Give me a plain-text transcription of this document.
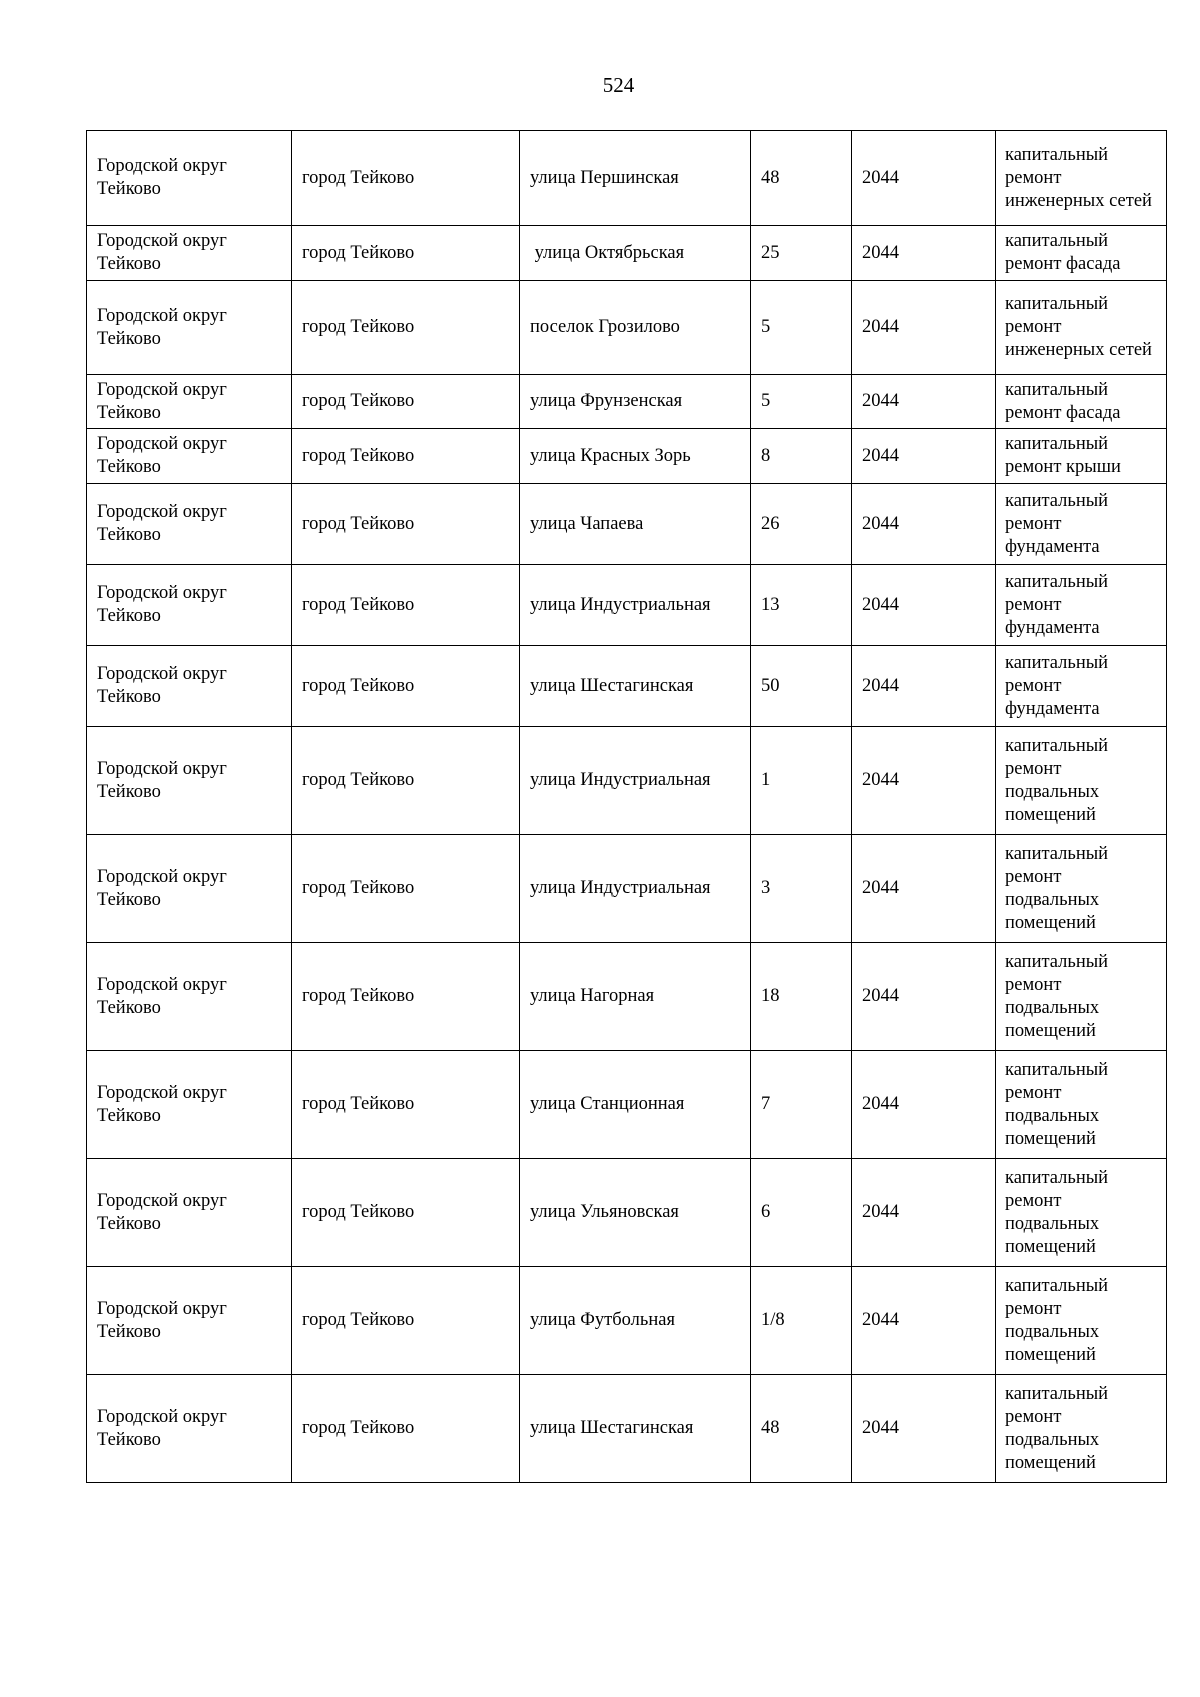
524
Городской округ Тейково	город Тейково	улица Першинская	48	2044	капитальный ремонт инженерных сетей
Городской округ Тейково	город Тейково	улица Октябрьская	25	2044	капитальный ремонт фасада
Городской округ Тейково	город Тейково	поселок Грозилово	5	2044	капитальный ремонт инженерных сетей
Городской округ Тейково	город Тейково	улица Фрунзенская	5	2044	капитальный ремонт фасада
Городской округ Тейково	город Тейково	улица Красных Зорь	8	2044	капитальный ремонт крыши
Городской округ Тейково	город Тейково	улица Чапаева	26	2044	капитальный ремонт фундамента
Городской округ Тейково	город Тейково	улица Индустриальная	13	2044	капитальный ремонт фундамента
Городской округ Тейково	город Тейково	улица Шестагинская	50	2044	капитальный ремонт фундамента
Городской округ Тейково	город Тейково	улица Индустриальная	1	2044	капитальный ремонт подвальных помещений
Городской округ Тейково	город Тейково	улица Индустриальная	3	2044	капитальный ремонт подвальных помещений
Городской округ Тейково	город Тейково	улица Нагорная	18	2044	капитальный ремонт подвальных помещений
Городской округ Тейково	город Тейково	улица Станционная	7	2044	капитальный ремонт подвальных помещений
Городской округ Тейково	город Тейково	улица Ульяновская	6	2044	капитальный ремонт подвальных помещений
Городской округ Тейково	город Тейково	улица Футбольная	1/8	2044	капитальный ремонт подвальных помещений
Городской округ Тейково	город Тейково	улица Шестагинская	48	2044	капитальный ремонт подвальных помещений
